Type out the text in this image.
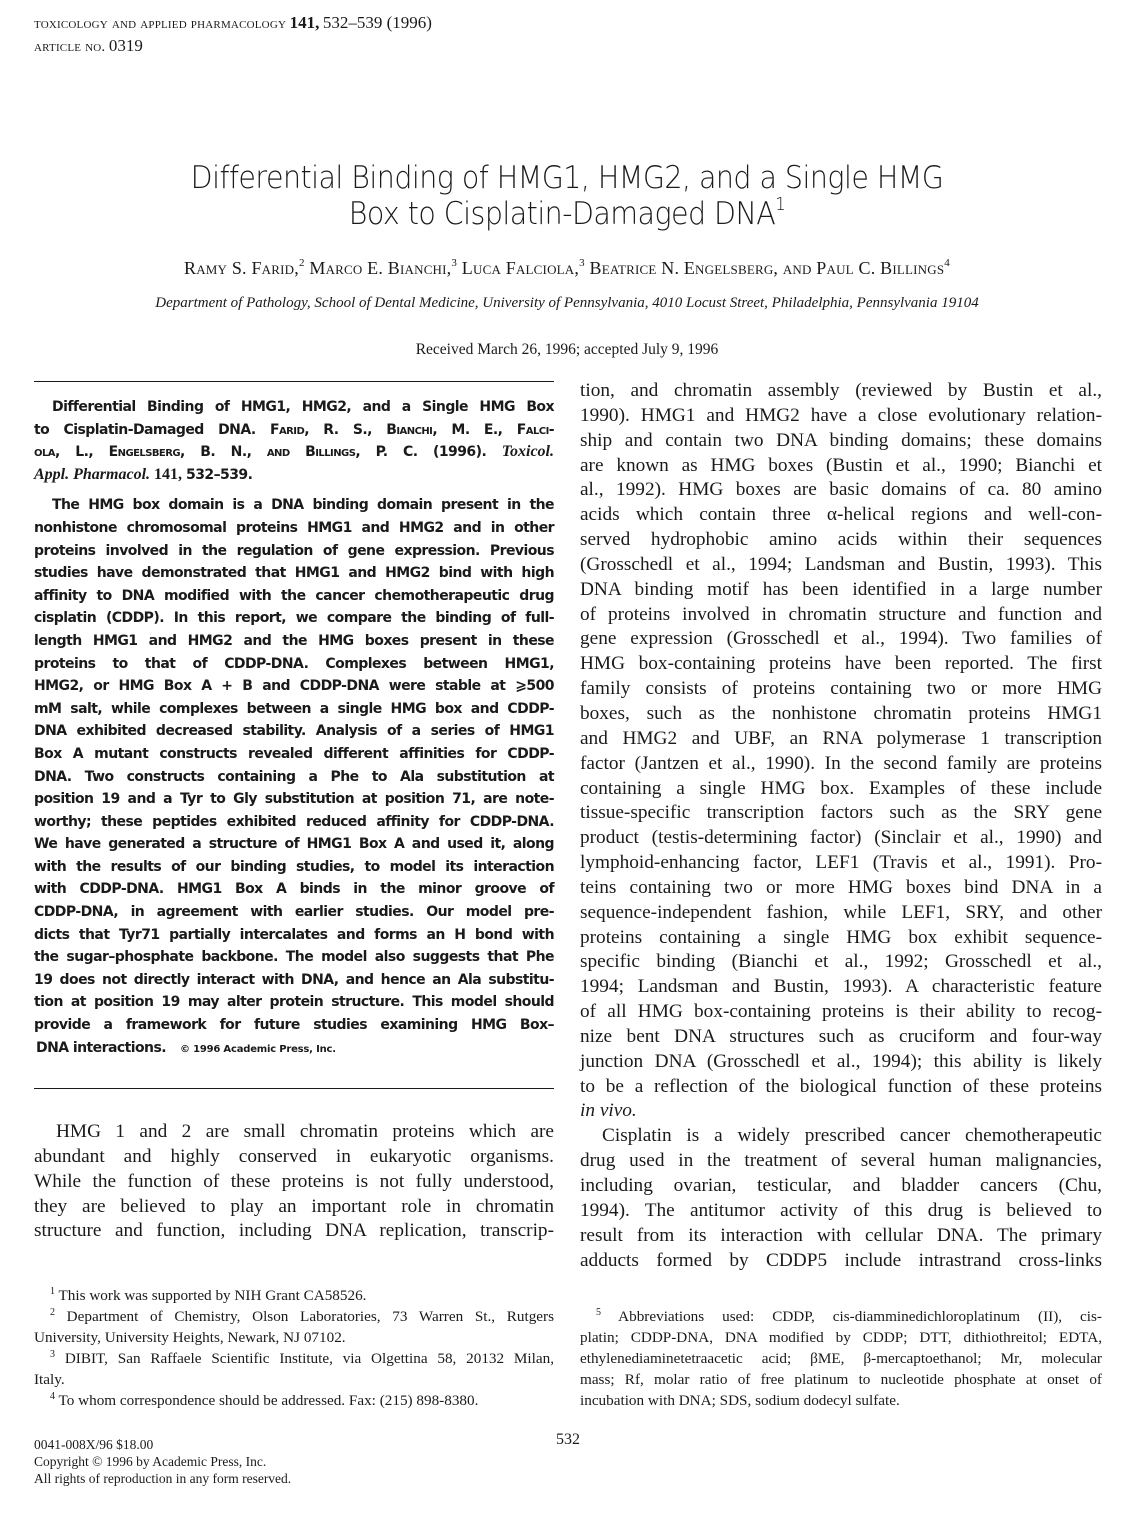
toxicology and applied pharmacology 141, 532–539 (1996)
article no. 0319
Differential Binding of HMG1, HMG2, and a Single HMG
Box to Cisplatin-Damaged DNA$^1$
Ramy S. Farid,$^2$ Marco E. Bianchi,$^3$ Luca Falciola,$^3$ Beatrice N. Engelsberg, and Paul C. Billings$^4$
Department of Pathology, School of Dental Medicine, University of Pennsylvania, 4010 Locust Street, Philadelphia, Pennsylvania 19104
Received March 26, 1996; accepted July 9, 1996
Differential Binding of HMG1, HMG2, and a Single HMG Box
to Cisplatin-Damaged DNA. Farid, R. S., Bianchi, M. E., Falci-
ola, L., Engelsberg, B. N., and Billings, P. C. (1996). Toxicol.
Appl. Pharmacol. 141, 532–539.
The HMG box domain is a DNA binding domain present in the
nonhistone chromosomal proteins HMG1 and HMG2 and in other
proteins involved in the regulation of gene expression. Previous
studies have demonstrated that HMG1 and HMG2 bind with high
affinity to DNA modified with the cancer chemotherapeutic drug
cisplatin (CDDP). In this report, we compare the binding of full-
length HMG1 and HMG2 and the HMG boxes present in these
proteins to that of CDDP-DNA. Complexes between HMG1,
HMG2, or HMG Box A + B and CDDP-DNA were stable at ⩾500
mM salt, while complexes between a single HMG box and CDDP-
DNA exhibited decreased stability. Analysis of a series of HMG1
Box A mutant constructs revealed different affinities for CDDP-
DNA. Two constructs containing a Phe to Ala substitution at
position 19 and a Tyr to Gly substitution at position 71, are note-
worthy; these peptides exhibited reduced affinity for CDDP-DNA.
We have generated a structure of HMG1 Box A and used it, along
with the results of our binding studies, to model its interaction
with CDDP-DNA. HMG1 Box A binds in the minor groove of
CDDP-DNA, in agreement with earlier studies. Our model pre-
dicts that Tyr71 partially intercalates and forms an H bond with
the sugar–phosphate backbone. The model also suggests that Phe
19 does not directly interact with DNA, and hence an Ala substitu-
tion at position 19 may alter protein structure. This model should
provide a framework for future studies examining HMG Box–
DNA interactions. © 1996 Academic Press, Inc.
HMG 1 and 2 are small chromatin proteins which are
abundant and highly conserved in eukaryotic organisms.
While the function of these proteins is not fully understood,
they are believed to play an important role in chromatin
structure and function, including DNA replication, transcrip-
tion, and chromatin assembly (reviewed by Bustin et al.,
1990). HMG1 and HMG2 have a close evolutionary relation-
ship and contain two DNA binding domains; these domains
are known as HMG boxes (Bustin et al., 1990; Bianchi et
al., 1992). HMG boxes are basic domains of ca. 80 amino
acids which contain three α-helical regions and well-con-
served hydrophobic amino acids within their sequences
(Grosschedl et al., 1994; Landsman and Bustin, 1993). This
DNA binding motif has been identified in a large number
of proteins involved in chromatin structure and function and
gene expression (Grosschedl et al., 1994). Two families of
HMG box-containing proteins have been reported. The first
family consists of proteins containing two or more HMG
boxes, such as the nonhistone chromatin proteins HMG1
and HMG2 and UBF, an RNA polymerase 1 transcription
factor (Jantzen et al., 1990). In the second family are proteins
containing a single HMG box. Examples of these include
tissue-specific transcription factors such as the SRY gene
product (testis-determining factor) (Sinclair et al., 1990) and
lymphoid-enhancing factor, LEF1 (Travis et al., 1991). Pro-
teins containing two or more HMG boxes bind DNA in a
sequence-independent fashion, while LEF1, SRY, and other
proteins containing a single HMG box exhibit sequence-
specific binding (Bianchi et al., 1992; Grosschedl et al.,
1994; Landsman and Bustin, 1993). A characteristic feature
of all HMG box-containing proteins is their ability to recog-
nize bent DNA structures such as cruciform and four-way
junction DNA (Grosschedl et al., 1994); this ability is likely
to be a reflection of the biological function of these proteins
in vivo.
Cisplatin is a widely prescribed cancer chemotherapeutic
drug used in the treatment of several human malignancies,
including ovarian, testicular, and bladder cancers (Chu,
1994). The antitumor activity of this drug is believed to
result from its interaction with cellular DNA. The primary
adducts formed by CDDP5 include intrastrand cross-links
$^1$ This work was supported by NIH Grant CA58526.
$^2$ Department of Chemistry, Olson Laboratories, 73 Warren St., Rutgers
University, University Heights, Newark, NJ 07102.
$^3$ DIBIT, San Raffaele Scientific Institute, via Olgettina 58, 20132 Milan,
Italy.
$^4$ To whom correspondence should be addressed. Fax: (215) 898-8380.
$^5$ Abbreviations used: CDDP, cis-diamminedichloroplatinum (II), cis-
platin; CDDP-DNA, DNA modified by CDDP; DTT, dithiothreitol; EDTA,
ethylenediaminetetraacetic acid; βME, β-mercaptoethanol; Mr, molecular
mass; Rf, molar ratio of free platinum to nucleotide phosphate at onset of
incubation with DNA; SDS, sodium dodecyl sulfate.
0041-008X/96 $18.00
Copyright © 1996 by Academic Press, Inc.
All rights of reproduction in any form reserved.
532
